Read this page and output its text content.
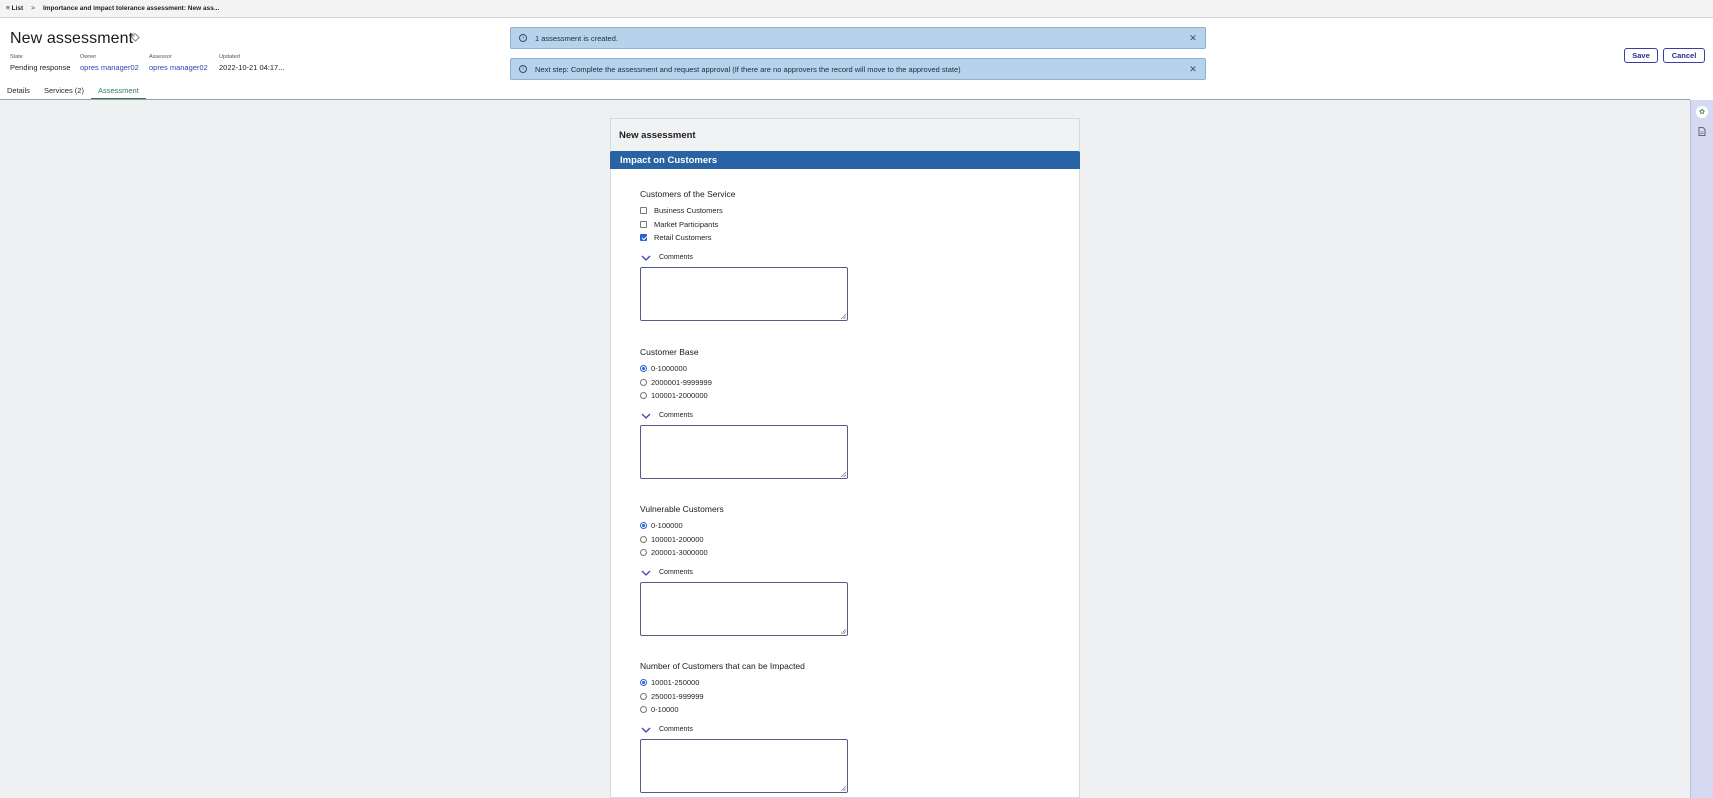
≡ List > Importance and impact tolerance assessment: New ass...
New assessment
State
Pending response
Owner
opres manager02
Assessor
opres manager02
Updated
2022-10-21 04:17...
Save	Cancel
i	1 assessment is created.	✕
i	Next step: Complete the assessment and request approval (If there are no approvers the record will move to the approved state)	✕
Details	Services (2)	Assessment
✿
New assessment
Impact on Customers
Customers of the Service
Business Customers
Market Participants
Retail Customers
Comments
Customer Base
0-1000000
2000001-9999999
100001-2000000
Comments
Vulnerable Customers
0-100000
100001-200000
200001-3000000
Comments
Number of Customers that can be Impacted
10001-250000
250001-999999
0-10000
Comments
